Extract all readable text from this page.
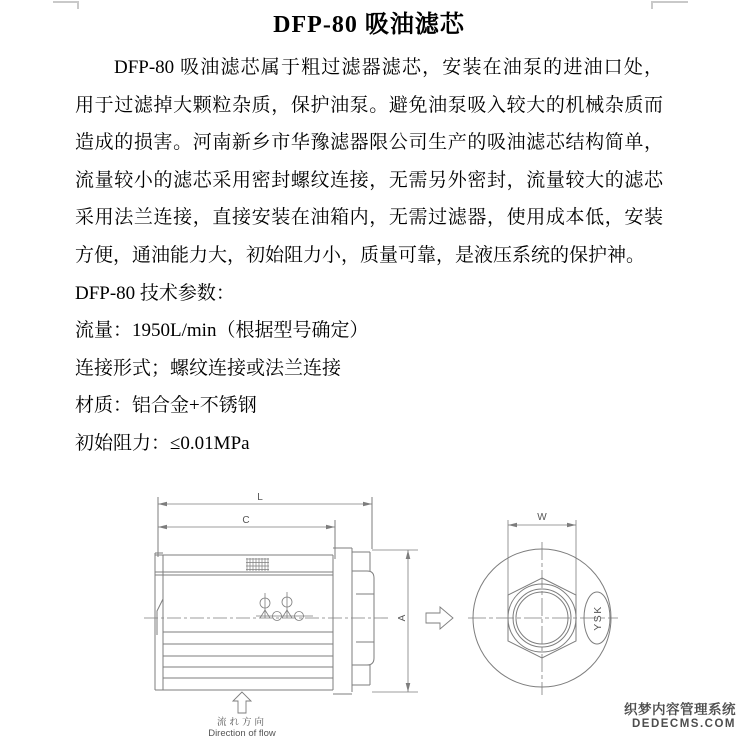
DFP-80 吸油滤芯
DFP-80 吸油滤芯属于粗过滤器滤芯，安装在油泵的进油口处，
用于过滤掉大颗粒杂质，保护油泵。避免油泵吸入较大的机械杂质而
造成的损害。河南新乡市华豫滤器限公司生产的吸油滤芯结构简单，
流量较小的滤芯采用密封螺纹连接，无需另外密封，流量较大的滤芯
采用法兰连接，直接安装在油箱内，无需过滤器，使用成本低，安装
方便，通油能力大，初始阻力小，质量可靠，是液压系统的保护神。
DFP-80 技术参数：
流量：1950L/min（根据型号确定）
连接形式；螺纹连接或法兰连接
材质：铝合金+不锈钢
初始阻力：≤0.01MPa
L
C
A
流れ方向
Direction of flow
W
YSK
织梦内容管理系统
DEDECMS.COM
